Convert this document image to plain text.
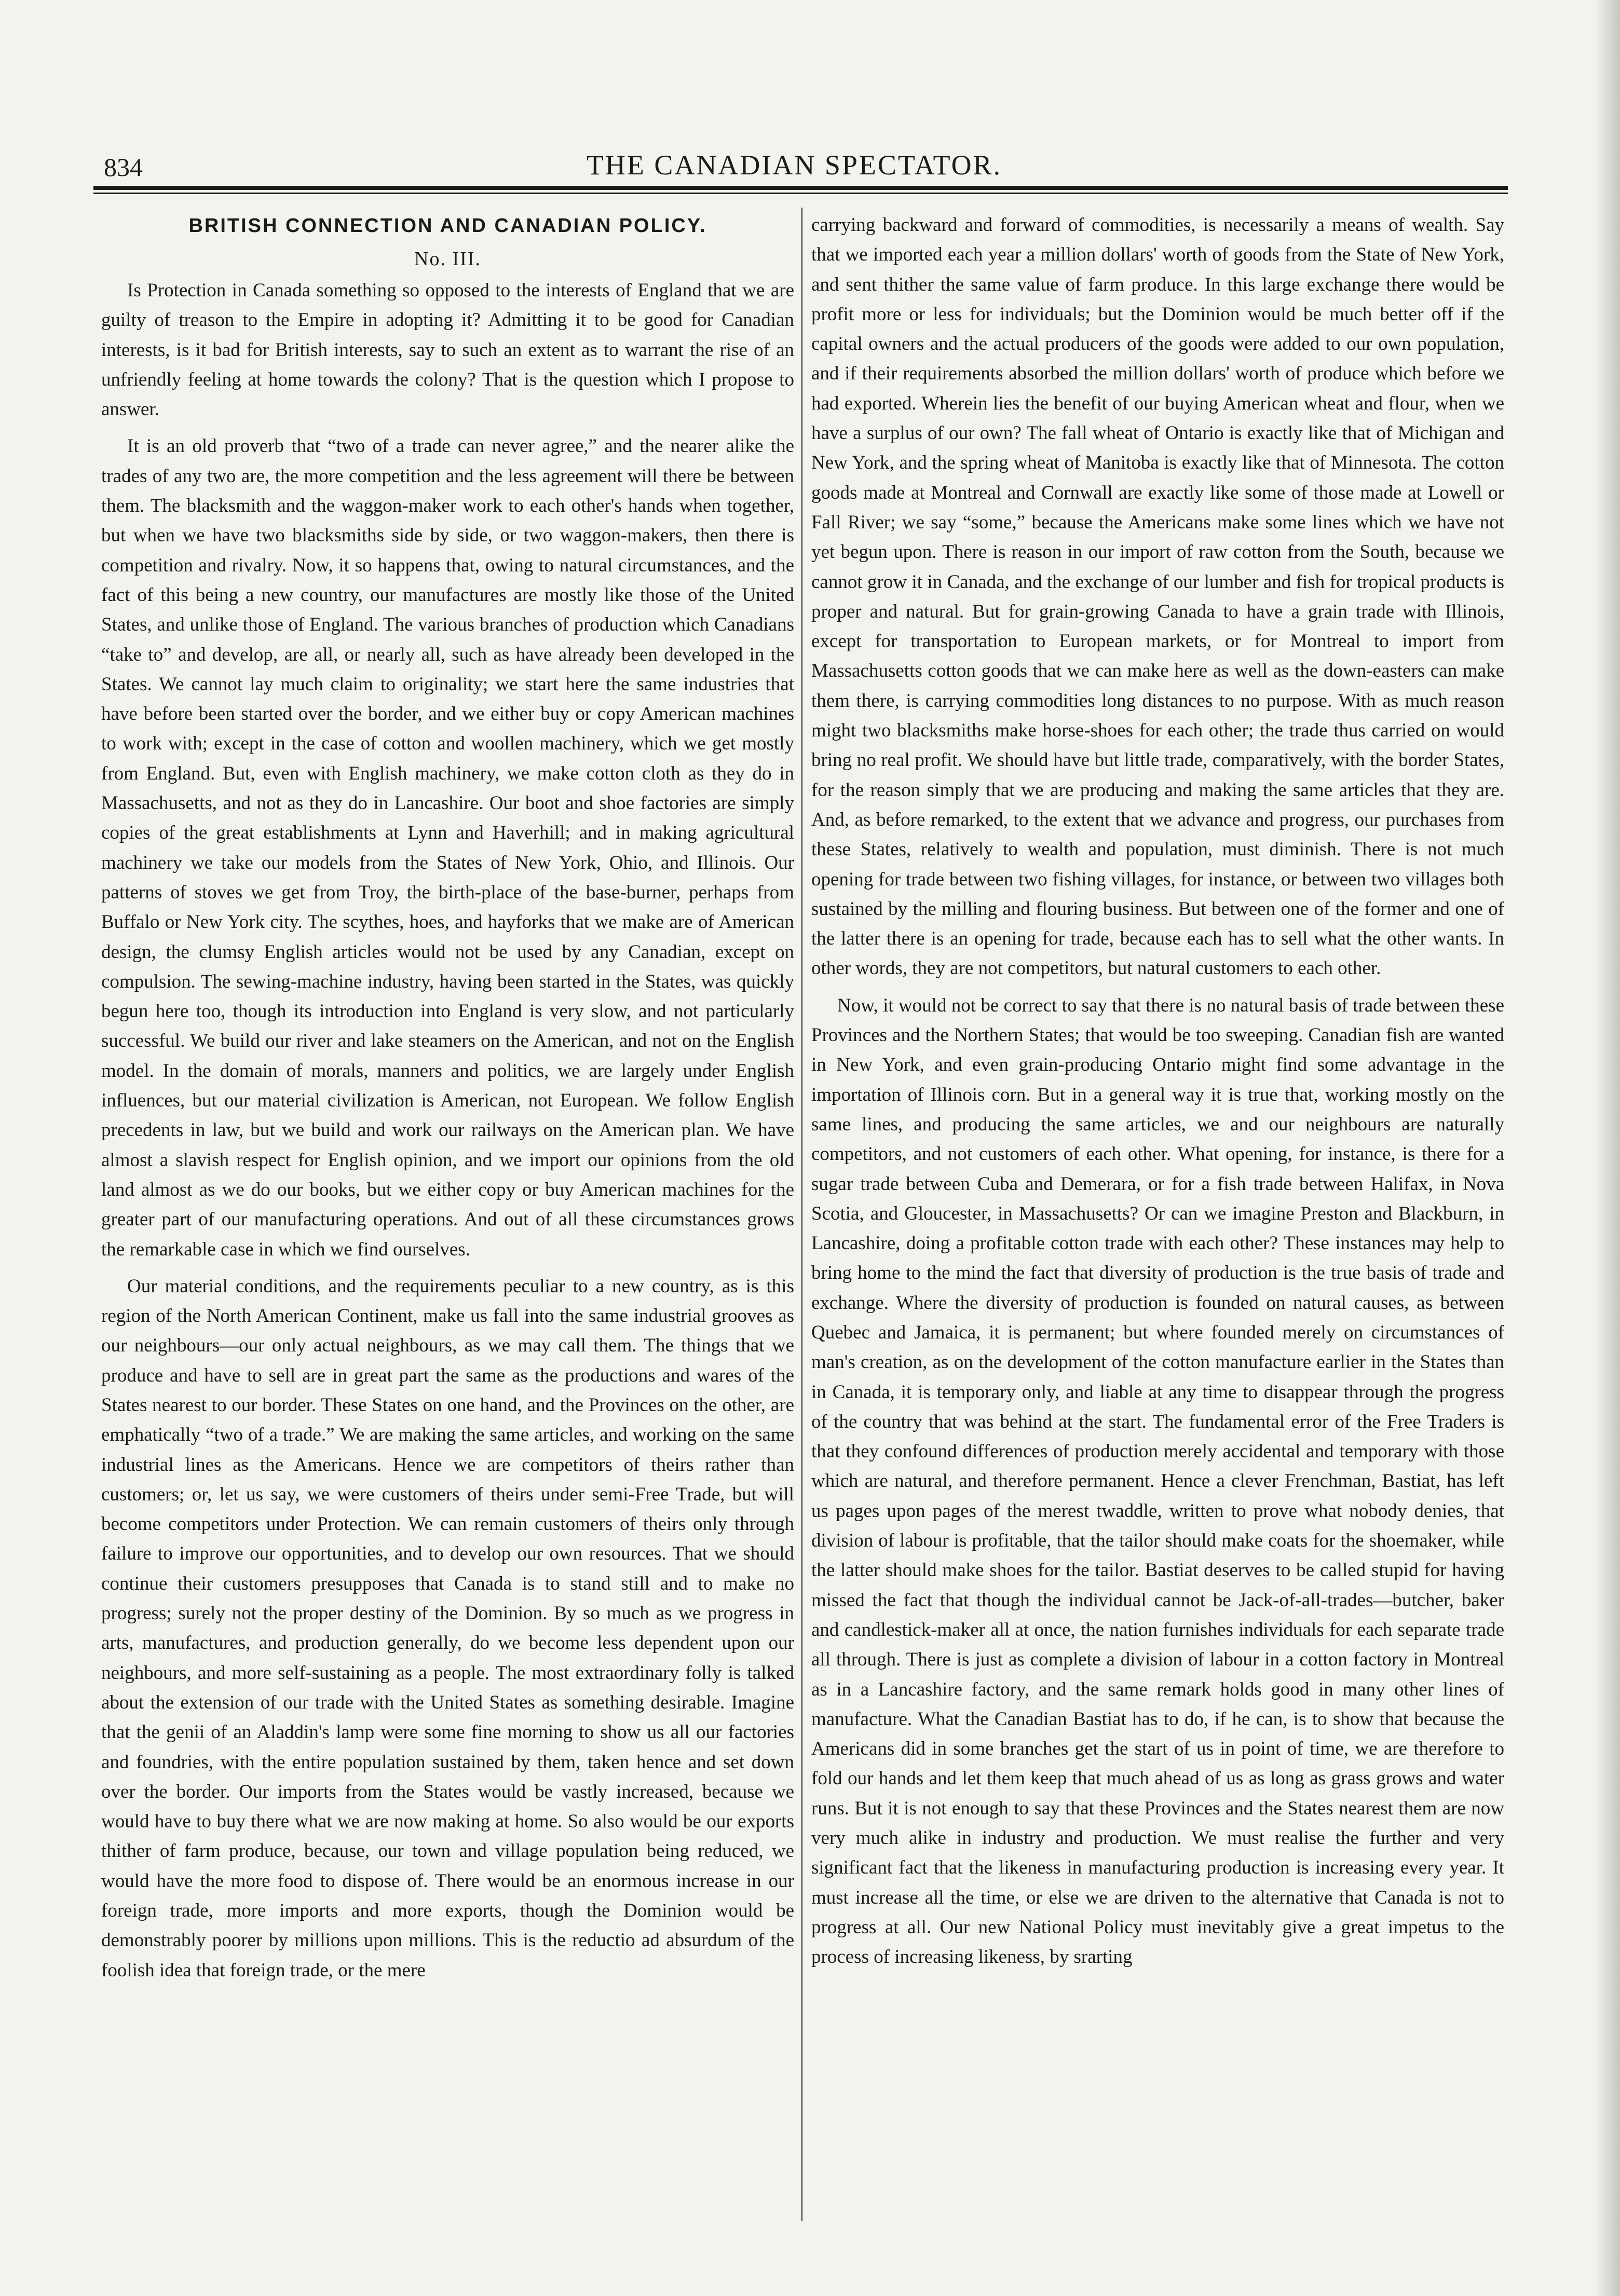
834	THE CANADIAN SPECTATOR.
BRITISH CONNECTION AND CANADIAN POLICY.
No. III.

Is Protection in Canada something so opposed to the interests of England that we are guilty of treason to the Empire in adopting it? Admitting it to be good for Canadian interests, is it bad for British interests, say to such an extent as to warrant the rise of an unfriendly feeling at home towards the colony? That is the question which I propose to answer.

It is an old proverb that “two of a trade can never agree,” and the nearer alike the trades of any two are, the more competition and the less agreement will there be between them. The blacksmith and the waggon-maker work to each other's hands when together, but when we have two blacksmiths side by side, or two waggon-makers, then there is competition and rivalry. Now, it so happens that, owing to natural circumstances, and the fact of this being a new country, our manufactures are mostly like those of the United States, and unlike those of England. The various branches of production which Canadians “take to” and develop, are all, or nearly all, such as have already been developed in the States. We cannot lay much claim to originality; we start here the same industries that have before been started over the border, and we either buy or copy American machines to work with; except in the case of cotton and woollen machinery, which we get mostly from England. But, even with English machinery, we make cotton cloth as they do in Massachusetts, and not as they do in Lancashire. Our boot and shoe factories are simply copies of the great establishments at Lynn and Haverhill; and in making agricultural machinery we take our models from the States of New York, Ohio, and Illinois. Our patterns of stoves we get from Troy, the birth-place of the base-burner, perhaps from Buffalo or New York city. The scythes, hoes, and hayforks that we make are of American design, the clumsy English articles would not be used by any Canadian, except on compulsion. The sewing-machine industry, having been started in the States, was quickly begun here too, though its introduction into England is very slow, and not particularly successful. We build our river and lake steamers on the American, and not on the English model. In the domain of morals, manners and politics, we are largely under English influences, but our material civilization is American, not European. We follow English precedents in law, but we build and work our railways on the American plan. We have almost a slavish respect for English opinion, and we import our opinions from the old land almost as we do our books, but we either copy or buy American machines for the greater part of our manufacturing operations. And out of all these circumstances grows the remarkable case in which we find ourselves.

Our material conditions, and the requirements peculiar to a new country, as is this region of the North American Continent, make us fall into the same industrial grooves as our neighbours—our only actual neighbours, as we may call them. The things that we produce and have to sell are in great part the same as the productions and wares of the States nearest to our border. These States on one hand, and the Provinces on the other, are emphatically “two of a trade.” We are making the same articles, and working on the same industrial lines as the Americans. Hence we are competitors of theirs rather than customers; or, let us say, we were customers of theirs under semi-Free Trade, but will become competitors under Protection. We can remain customers of theirs only through failure to improve our opportunities, and to develop our own resources. That we should continue their customers presupposes that Canada is to stand still and to make no progress; surely not the proper destiny of the Dominion. By so much as we progress in arts, manufactures, and production generally, do we become less dependent upon our neighbours, and more self-sustaining as a people. The most extraordinary folly is talked about the extension of our trade with the United States as something desirable. Imagine that the genii of an Aladdin's lamp were some fine morning to show us all our factories and foundries, with the entire population sustained by them, taken hence and set down over the border. Our imports from the States would be vastly increased, because we would have to buy there what we are now making at home. So also would be our exports thither of farm produce, because, our town and village population being reduced, we would have the more food to dispose of. There would be an enormous increase in our foreign trade, more imports and more exports, though the Dominion would be demonstrably poorer by millions upon millions. This is the reductio ad absurdum of the foolish idea that foreign trade, or the mere

carrying backward and forward of commodities, is necessarily a means of wealth. Say that we imported each year a million dollars' worth of goods from the State of New York, and sent thither the same value of farm produce. In this large exchange there would be profit more or less for individuals; but the Dominion would be much better off if the capital owners and the actual producers of the goods were added to our own population, and if their requirements absorbed the million dollars' worth of produce which before we had exported. Wherein lies the benefit of our buying American wheat and flour, when we have a surplus of our own? The fall wheat of Ontario is exactly like that of Michigan and New York, and the spring wheat of Manitoba is exactly like that of Minnesota. The cotton goods made at Montreal and Cornwall are exactly like some of those made at Lowell or Fall River; we say “some,” because the Americans make some lines which we have not yet begun upon. There is reason in our import of raw cotton from the South, because we cannot grow it in Canada, and the exchange of our lumber and fish for tropical products is proper and natural. But for grain-growing Canada to have a grain trade with Illinois, except for transportation to European markets, or for Montreal to import from Massachusetts cotton goods that we can make here as well as the down-easters can make them there, is carrying commodities long distances to no purpose. With as much reason might two blacksmiths make horse-shoes for each other; the trade thus carried on would bring no real profit. We should have but little trade, comparatively, with the border States, for the reason simply that we are producing and making the same articles that they are. And, as before remarked, to the extent that we advance and progress, our purchases from these States, relatively to wealth and population, must diminish. There is not much opening for trade between two fishing villages, for instance, or between two villages both sustained by the milling and flouring business. But between one of the former and one of the latter there is an opening for trade, because each has to sell what the other wants. In other words, they are not competitors, but natural customers to each other.

Now, it would not be correct to say that there is no natural basis of trade between these Provinces and the Northern States; that would be too sweeping. Canadian fish are wanted in New York, and even grain-producing Ontario might find some advantage in the importation of Illinois corn. But in a general way it is true that, working mostly on the same lines, and producing the same articles, we and our neighbours are naturally competitors, and not customers of each other. What opening, for instance, is there for a sugar trade between Cuba and Demerara, or for a fish trade between Halifax, in Nova Scotia, and Gloucester, in Massachusetts? Or can we imagine Preston and Blackburn, in Lancashire, doing a profitable cotton trade with each other? These instances may help to bring home to the mind the fact that diversity of production is the true basis of trade and exchange. Where the diversity of production is founded on natural causes, as between Quebec and Jamaica, it is permanent; but where founded merely on circumstances of man's creation, as on the development of the cotton manufacture earlier in the States than in Canada, it is temporary only, and liable at any time to disappear through the progress of the country that was behind at the start. The fundamental error of the Free Traders is that they confound differences of production merely accidental and temporary with those which are natural, and therefore permanent. Hence a clever Frenchman, Bastiat, has left us pages upon pages of the merest twaddle, written to prove what nobody denies, that division of labour is profitable, that the tailor should make coats for the shoemaker, while the latter should make shoes for the tailor. Bastiat deserves to be called stupid for having missed the fact that though the individual cannot be Jack-of-all-trades—butcher, baker and candlestick-maker all at once, the nation furnishes individuals for each separate trade all through. There is just as complete a division of labour in a cotton factory in Montreal as in a Lancashire factory, and the same remark holds good in many other lines of manufacture. What the Canadian Bastiat has to do, if he can, is to show that because the Americans did in some branches get the start of us in point of time, we are therefore to fold our hands and let them keep that much ahead of us as long as grass grows and water runs. But it is not enough to say that these Provinces and the States nearest them are now very much alike in industry and production. We must realise the further and very significant fact that the likeness in manufacturing production is increasing every year. It must increase all the time, or else we are driven to the alternative that Canada is not to progress at all. Our new National Policy must inevitably give a great impetus to the process of increasing likeness, by srarting
